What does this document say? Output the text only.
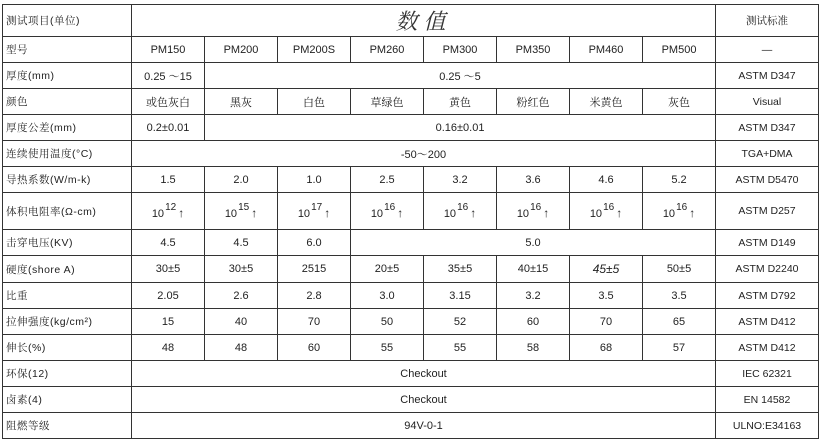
测试项目(单位)	数值								测试标准
型号	PM150	PM200	PM200S	PM260	PM300	PM350	PM460	PM500	—
厚度(mm)	0.25 ～15	0.25 ～5							ASTM D347
颜色	或色灰白	黑灰	白色	草绿色	黄色	粉红色	米黄色	灰色	Visual
厚度公差(mm)	0.2±0.01	0.16±0.01							ASTM D347
连续使用温度(°C)	-50～200								TGA+DMA
导热系数(W/m-k)	1.5	2.0	1.0	2.5	3.2	3.6	4.6	5.2	ASTM D5470
体积电阻率(Ω-cm)	1012 ↑	1015 ↑	1017 ↑	1016 ↑	1016 ↑	1016 ↑	1016 ↑	1016 ↑	ASTM D257
击穿电压(KV)	4.5	4.5	6.0	5.0					ASTM D149
硬度(shore A)	30±5	30±5	2515	20±5	35±5	40±15	45±5	50±5	ASTM D2240
比重	2.05	2.6	2.8	3.0	3.15	3.2	3.5	3.5	ASTM D792
拉伸强度(kg/cm²)	15	40	70	50	52	60	70	65	ASTM D412
伸长(%)	48	48	60	55	55	58	68	57	ASTM D412
环保(12)	Checkout								IEC 62321
卤素(4)	Checkout								EN 14582
阻燃等级	94V-0-1								ULNO:E34163
